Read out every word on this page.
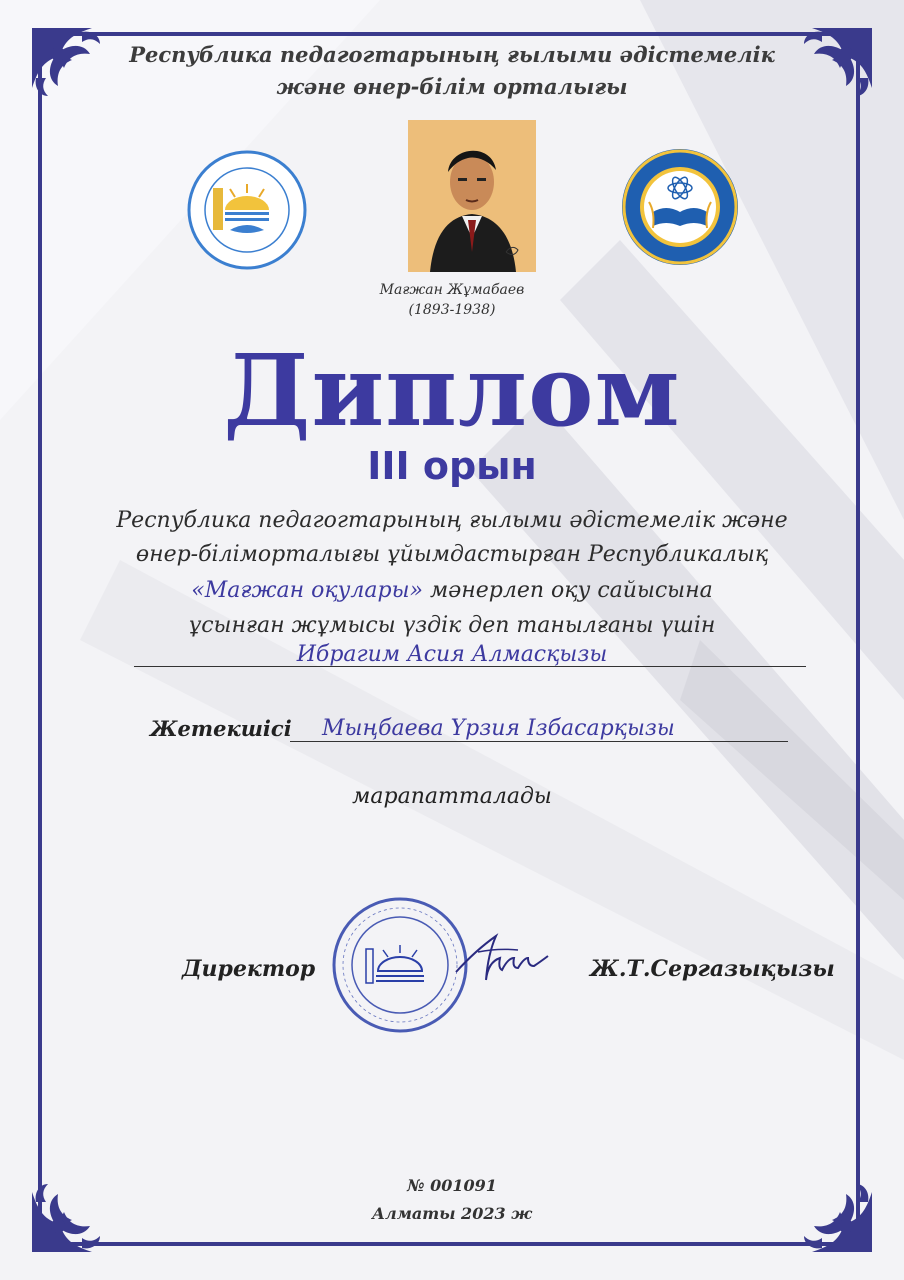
Республика педагогтарының ғылыми әдістемелік
және өнер-білім орталығы
Мағжан Жұмабаев
(1893-1938)
Диплом
III орын
Республика педагогтарының ғылыми әдістемелік және
өнер-біліморталығы ұйымдастырған Республикалық
«Мағжан оқулары» мәнерлеп оқу сайысына
ұсынған жұмысы үздік деп танылғаны үшін
Ибрагим Асия Алмасқызы
Жетекшісі Мыңбаева Үрзия Ізбасарқызы
марапатталады
Директор	Ж.Т.Сергазықызы
№ 001091
Алматы 2023 ж
